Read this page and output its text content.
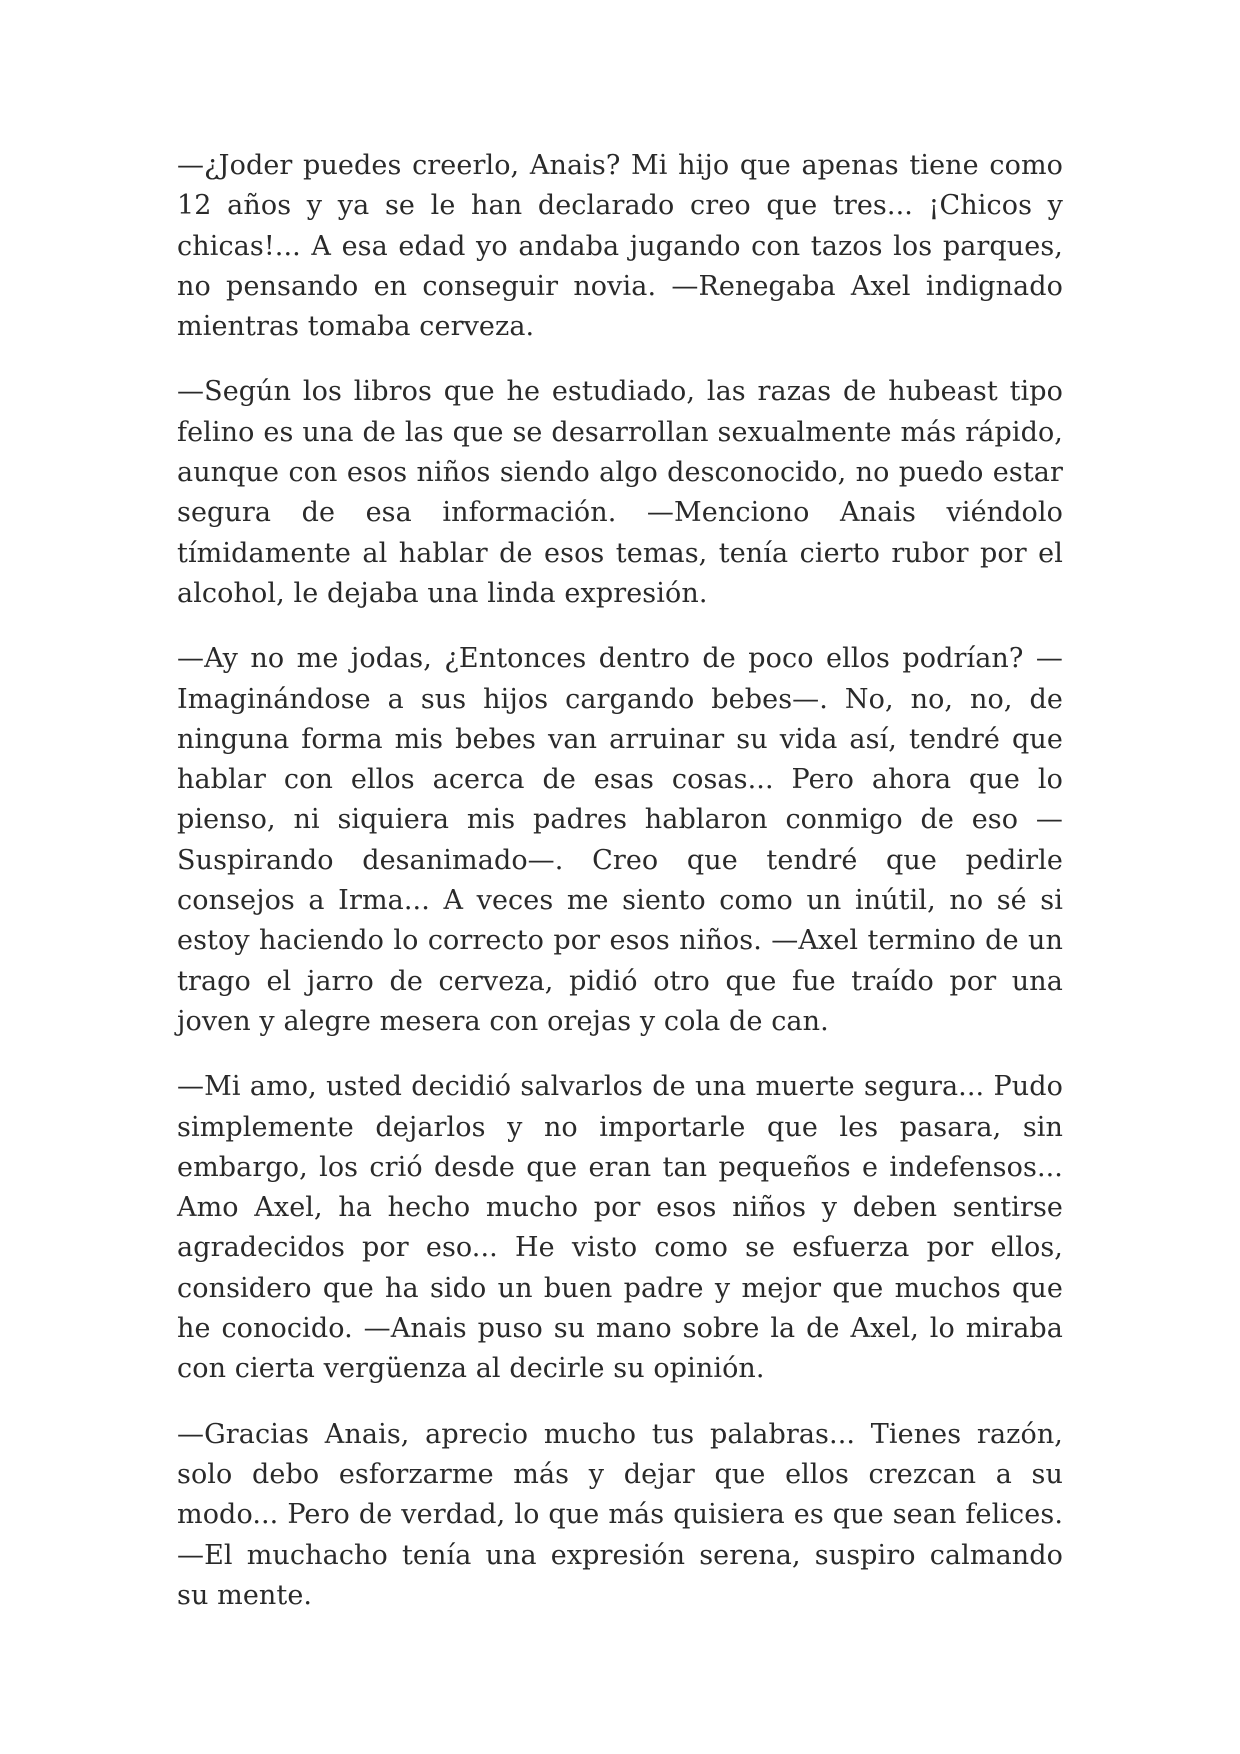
—¿Joder puedes creerlo, Anais? Mi hijo que apenas tiene como 12 años y ya se le han declarado creo que tres... ¡Chicos y chicas!... A esa edad yo andaba jugando con tazos los parques, no pensando en conseguir novia. —Renegaba Axel indignado mientras tomaba cerveza.

—Según los libros que he estudiado, las razas de hubeast tipo felino es una de las que se desarrollan sexualmente más rápido, aunque con esos niños siendo algo desconocido, no puedo estar segura de esa información. —Menciono Anais viéndolo tímidamente al hablar de esos temas, tenía cierto rubor por el alcohol, le dejaba una linda expresión.

—Ay no me jodas, ¿Entonces dentro de poco ellos podrían? —Imaginándose a sus hijos cargando bebes—. No, no, no, de ninguna forma mis bebes van arruinar su vida así, tendré que hablar con ellos acerca de esas cosas... Pero ahora que lo pienso, ni siquiera mis padres hablaron conmigo de eso —Suspirando desanimado—. Creo que tendré que pedirle consejos a Irma... A veces me siento como un inútil, no sé si estoy haciendo lo correcto por esos niños. —Axel termino de un trago el jarro de cerveza, pidió otro que fue traído por una joven y alegre mesera con orejas y cola de can.

—Mi amo, usted decidió salvarlos de una muerte segura... Pudo simplemente dejarlos y no importarle que les pasara, sin embargo, los crió desde que eran tan pequeños e indefensos... Amo Axel, ha hecho mucho por esos niños y deben sentirse agradecidos por eso... He visto como se esfuerza por ellos, considero que ha sido un buen padre y mejor que muchos que he conocido. —Anais puso su mano sobre la de Axel, lo miraba con cierta vergüenza al decirle su opinión.

—Gracias Anais, aprecio mucho tus palabras... Tienes razón, solo debo esforzarme más y dejar que ellos crezcan a su modo... Pero de verdad, lo que más quisiera es que sean felices. —El muchacho tenía una expresión serena, suspiro calmando su mente.
